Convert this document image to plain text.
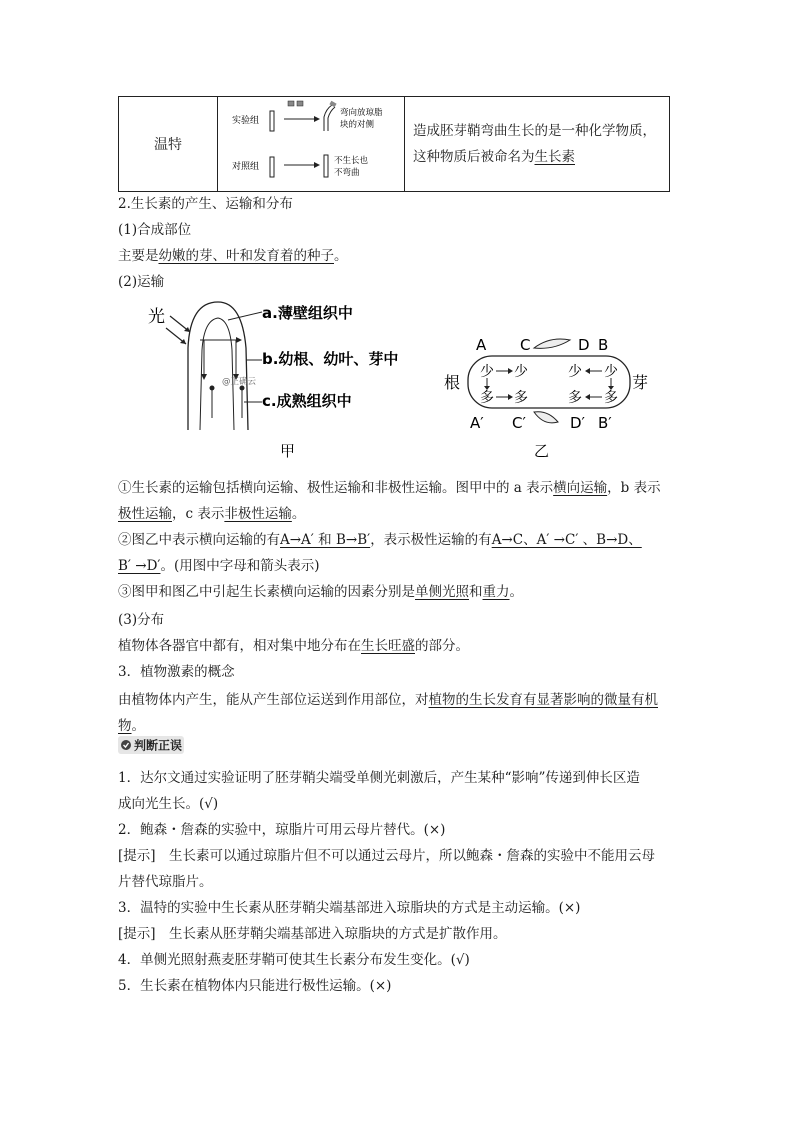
温特	
实验组
弯向放琼脂
块的对侧
对照组
不生长也
不弯曲

造成胚芽鞘弯曲生长的是一种化学物质，
这种物质后被命名为生长素
2.生长素的产生、运输和分布
(1)合成部位
主要是幼嫩的芽、叶和发育着的种子。
(2)运输
光	a.薄壁组织中
b.幼根、幼叶、芽中
@正确云
c.成熟组织中
甲
A C	D B
根	芽
少 少	少 少
多 多	多 多
A′ C′	D′ B′
乙
①生长素的运输包括横向运输、极性运输和非极性运输。图甲中的 a 表示横向运输，b 表示
极性运输，c 表示非极性运输。
②图乙中表示横向运输的有A→A′ 和 B→B′，表示极性运输的有A→C、A′ →C′ 、B→D、
B′ →D′。(用图中字母和箭头表示)
③图甲和图乙中引起生长素横向运输的因素分别是单侧光照和重力。
(3)分布
植物体各器官中都有，相对集中地分布在生长旺盛的部分。
3．植物激素的概念
由植物体内产生，能从产生部位运送到作用部位，对植物的生长发育有显著影响的微量有机
物。
判断正误
1．达尔文通过实验证明了胚芽鞘尖端受单侧光刺激后，产生某种“影响”传递到伸长区造
成向光生长。(√)
2．鲍森・詹森的实验中，琼脂片可用云母片替代。(×)
[提示]　生长素可以通过琼脂片但不可以通过云母片，所以鲍森・詹森的实验中不能用云母
片替代琼脂片。
3．温特的实验中生长素从胚芽鞘尖端基部进入琼脂块的方式是主动运输。(×)
[提示]　生长素从胚芽鞘尖端基部进入琼脂块的方式是扩散作用。
4．单侧光照射燕麦胚芽鞘可使其生长素分布发生变化。(√)
5．生长素在植物体内只能进行极性运输。(×)
